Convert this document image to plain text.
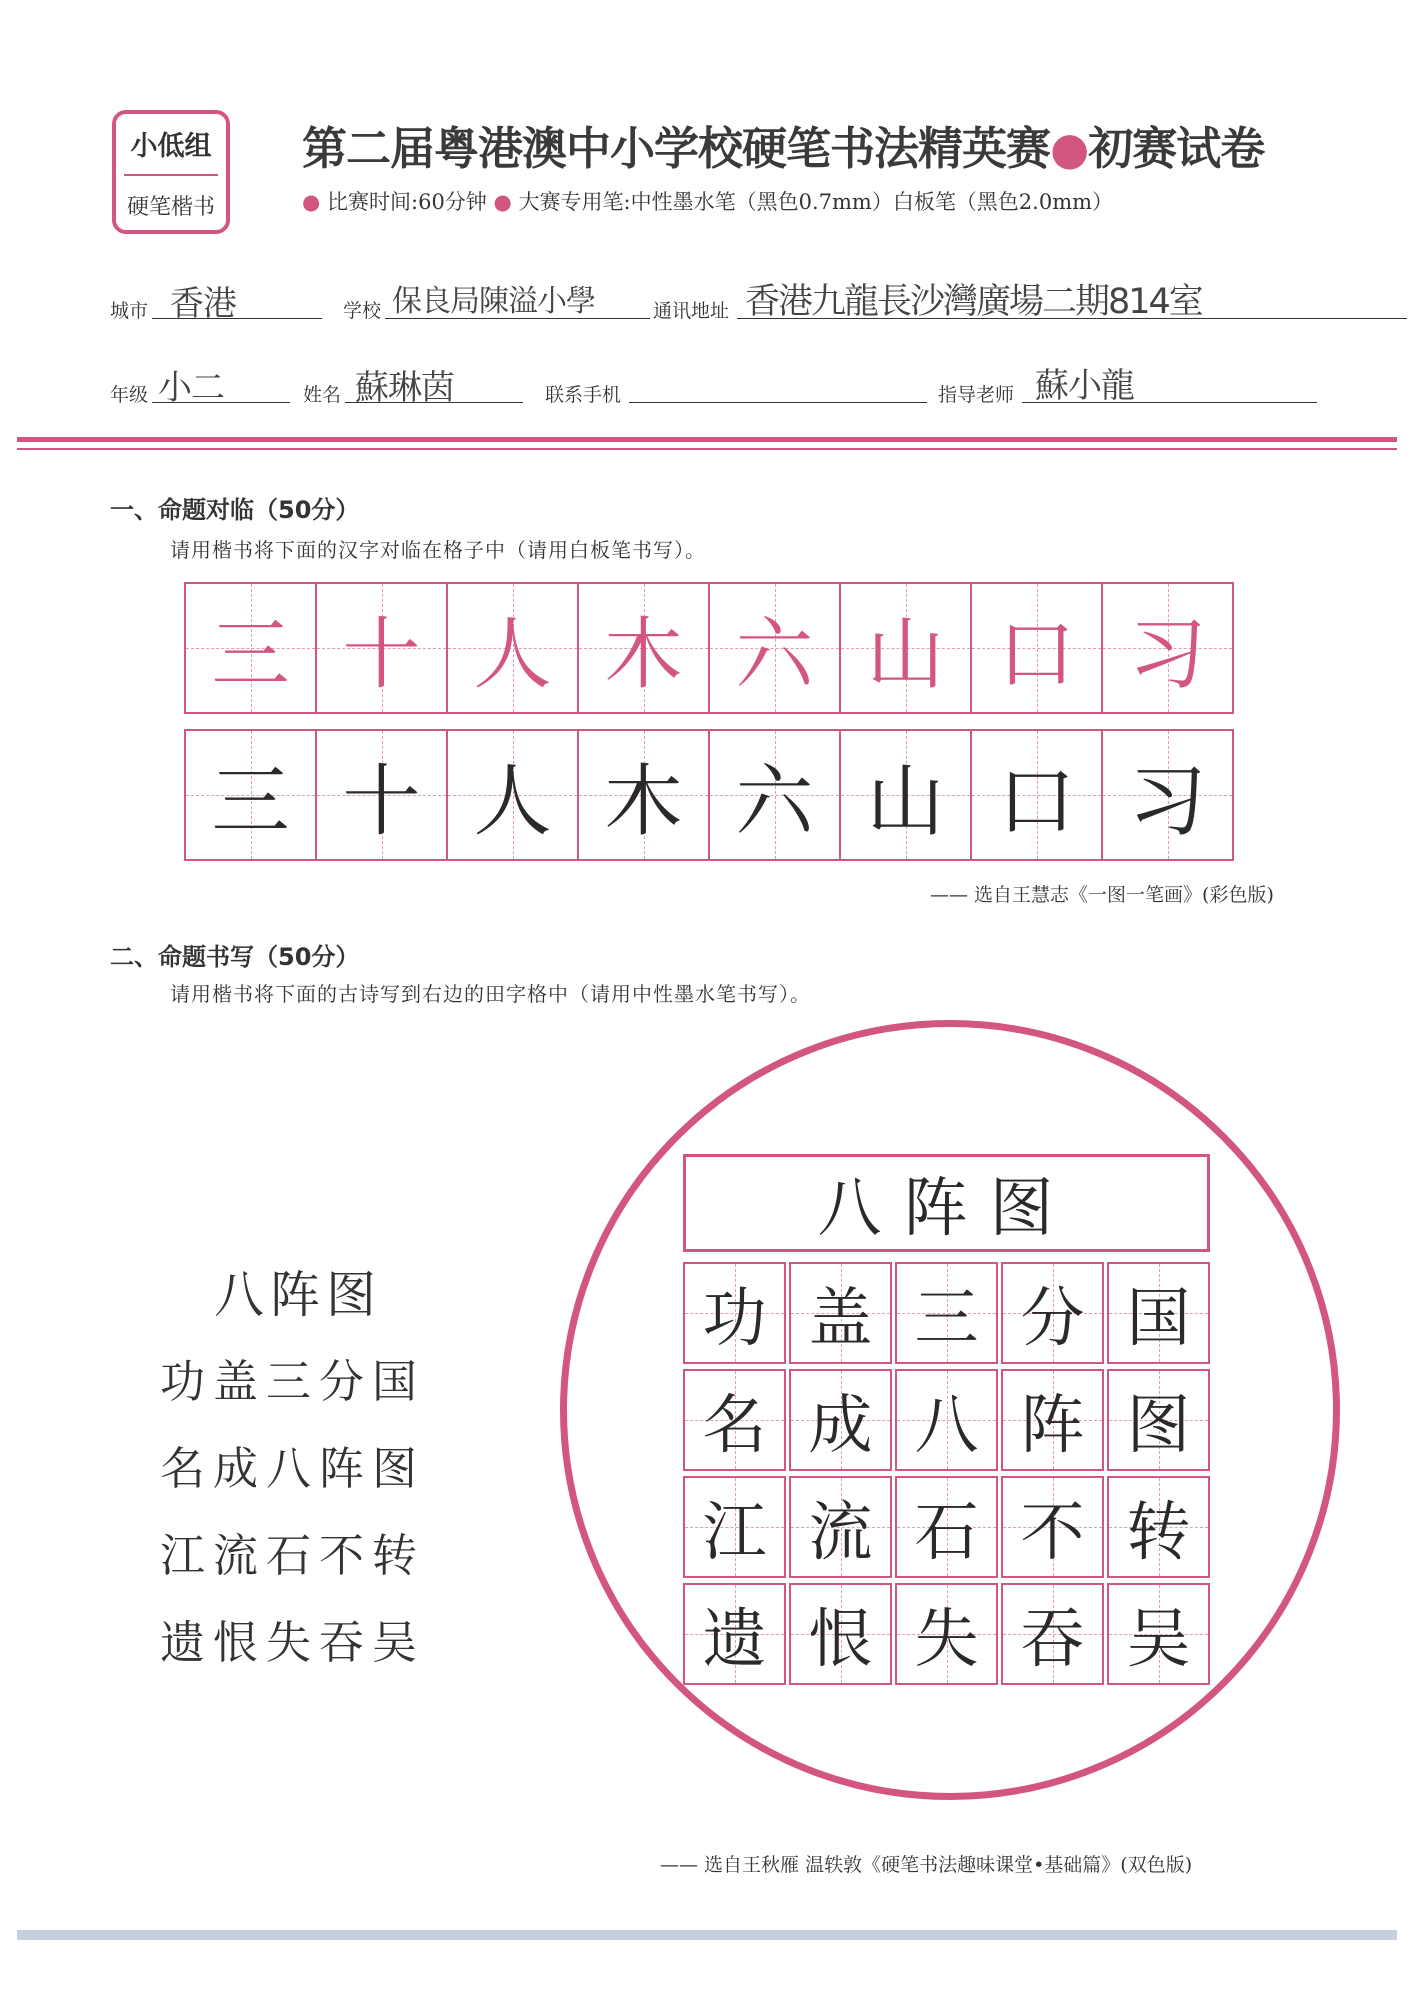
小低组
硬笔楷书
第二届粤港澳中小学校硬笔书法精英赛●初赛试卷
● 比赛时间:60分钟 ● 大赛专用笔:中性墨水笔（黑色0.7mm）白板笔（黑色2.0mm）
城市 香港	学校 保良局陳溢小學	通讯地址 香港九龍長沙灣廣場二期814室
年级 小二	姓名 蘇琳茵	联系手机	指导老师 蘇小龍
一、命题对临（50分）
请用楷书将下面的汉字对临在格子中（请用白板笔书写）。
三 十 人 木 六 山 口 习
三 十 人 木 六 山 口 习
—— 选自王慧志《一图一笔画》(彩色版)
二、命题书写（50分）
请用楷书将下面的古诗写到右边的田字格中（请用中性墨水笔书写）。
八阵图
功盖三分国
名成八阵图
江流石不转
遗恨失吞吴
八阵图
功 盖 三 分 国
名 成 八 阵 图
江 流 石 不 转
遗 恨 失 吞 吴
—— 选自王秋雁 温轶敦《硬笔书法趣味课堂•基础篇》(双色版)
